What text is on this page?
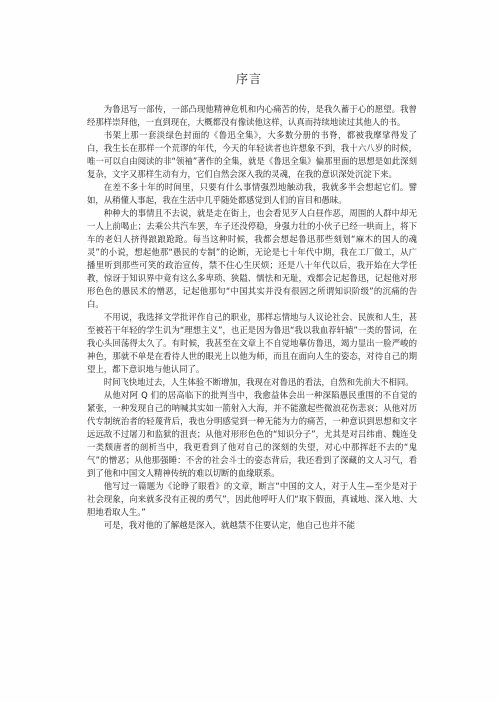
序言

为鲁迅写一部传，一部凸现他精神危机和内心痛苦的传，是我久蓄于心的愿望。我曾经那样崇拜他，一直到现在，大概都没有像读他这样，认真而持续地读过其他人的书。

书架上那一套淡绿色封面的《鲁迅全集》，大多数分册的书脊，都被我摩挲得发了白，我生长在那样一个荒谬的年代，今天的年轻读者也许想象不到，我十六八岁的时候，唯一可以自由阅读的非“领袖”著作的全集，就是《鲁迅全集》偏那里面的思想是如此深刻复杂，文字又那样生动有力，它们自然会深入我的灵魂，在我的意识深处沉淀下来。

在差不多十年的时间里，只要有什么事情强烈地触动我，我就多半会想起它们。譬如，从稍懂人事起，我在生活中几乎随处都感觉到人们的盲目和愚昧。

种种大的事情且不去说，就是走在街上，也会看见歹人白昼作恶，周围的人群中却无一人上前喝止；去乘公共汽车罢，车子还没停稳，身强力壮的小伙子已经一哄而上，将下车的老妇人挤得踉踉跄跄。每当这种时候，我都会想起鲁迅那些刻划“麻木的国人的魂灵”的小说，想起他那“愚民的专制”的论断，无论是七十年代中期，我在工厂做工，从广播里听到那些可笑的政治宣传，禁不住心生厌烦；还是八十年代以后，我开始在大学任教，惊讶于知识界中竟有这么多卑琐、狭隘、懦怯和无耻，戏都会记起鲁迅，记起他对形形色色的愚民术的憎恶，记起他那句“中国其实并没有很固之所谓知识阶级”的沉痛的告白。

不用说，我选择文学批评作自己的职业，那样忘情地与人议论社会、民族和人生，甚至被若干年轻的学生讥为“理想主义”，也正是因为鲁迅“我以我血荐轩辕”一类的誓词，在我心头回荡得太久了。有时候，我甚至在文章上不自觉地摹仿鲁迅，竭力显出一脸严峻的神色，那就不单是在看待人世的眼光上以他为师，而且在面向人生的姿态，对待自己的期望上，都下意识地与他认同了。

时间飞快地过去，人生体验不断增加，我现在对鲁迅的看法，自然和先前大不相同。

从他对阿 Q 们的居高临下的批判当中，我愈益体会出一种深陷愚民重围的不自觉的紧张，一种发现自己的呐喊其实如一箭射入大海，并不能激起些微浪花伤悲哀；从他对历代专制统治者的轻蔑背后，我也分明感觉到一种无能为力的痛苦，一种意识到思想和文字远远敌不过屠刀和监狱的沮丧；从他对形形色色的“知识分子”，尤其是对吕纬甫、魏连殳一类颓唐者的剖析当中，我更看到了他对自己的深刻的失望，对心中那挥赶不去的“鬼气”的憎恶；从他那强睡：不舍的社会斗士的姿态背后，我还看到了深藏的文人习气，看到了他和中国文人精神传统的难以切断的血缘联系。

他写过一篇题为《论睁了眼看》的文章，断言“中国的文人，对于人生—至少是对于社会现象，向来就多没有正视的勇气”，因此他呼吁人们“取下假面，真诚地、深入地、大胆地看取人生。”

可是，我对他的了解越是深入，就越禁不住要认定，他自己也并不能
